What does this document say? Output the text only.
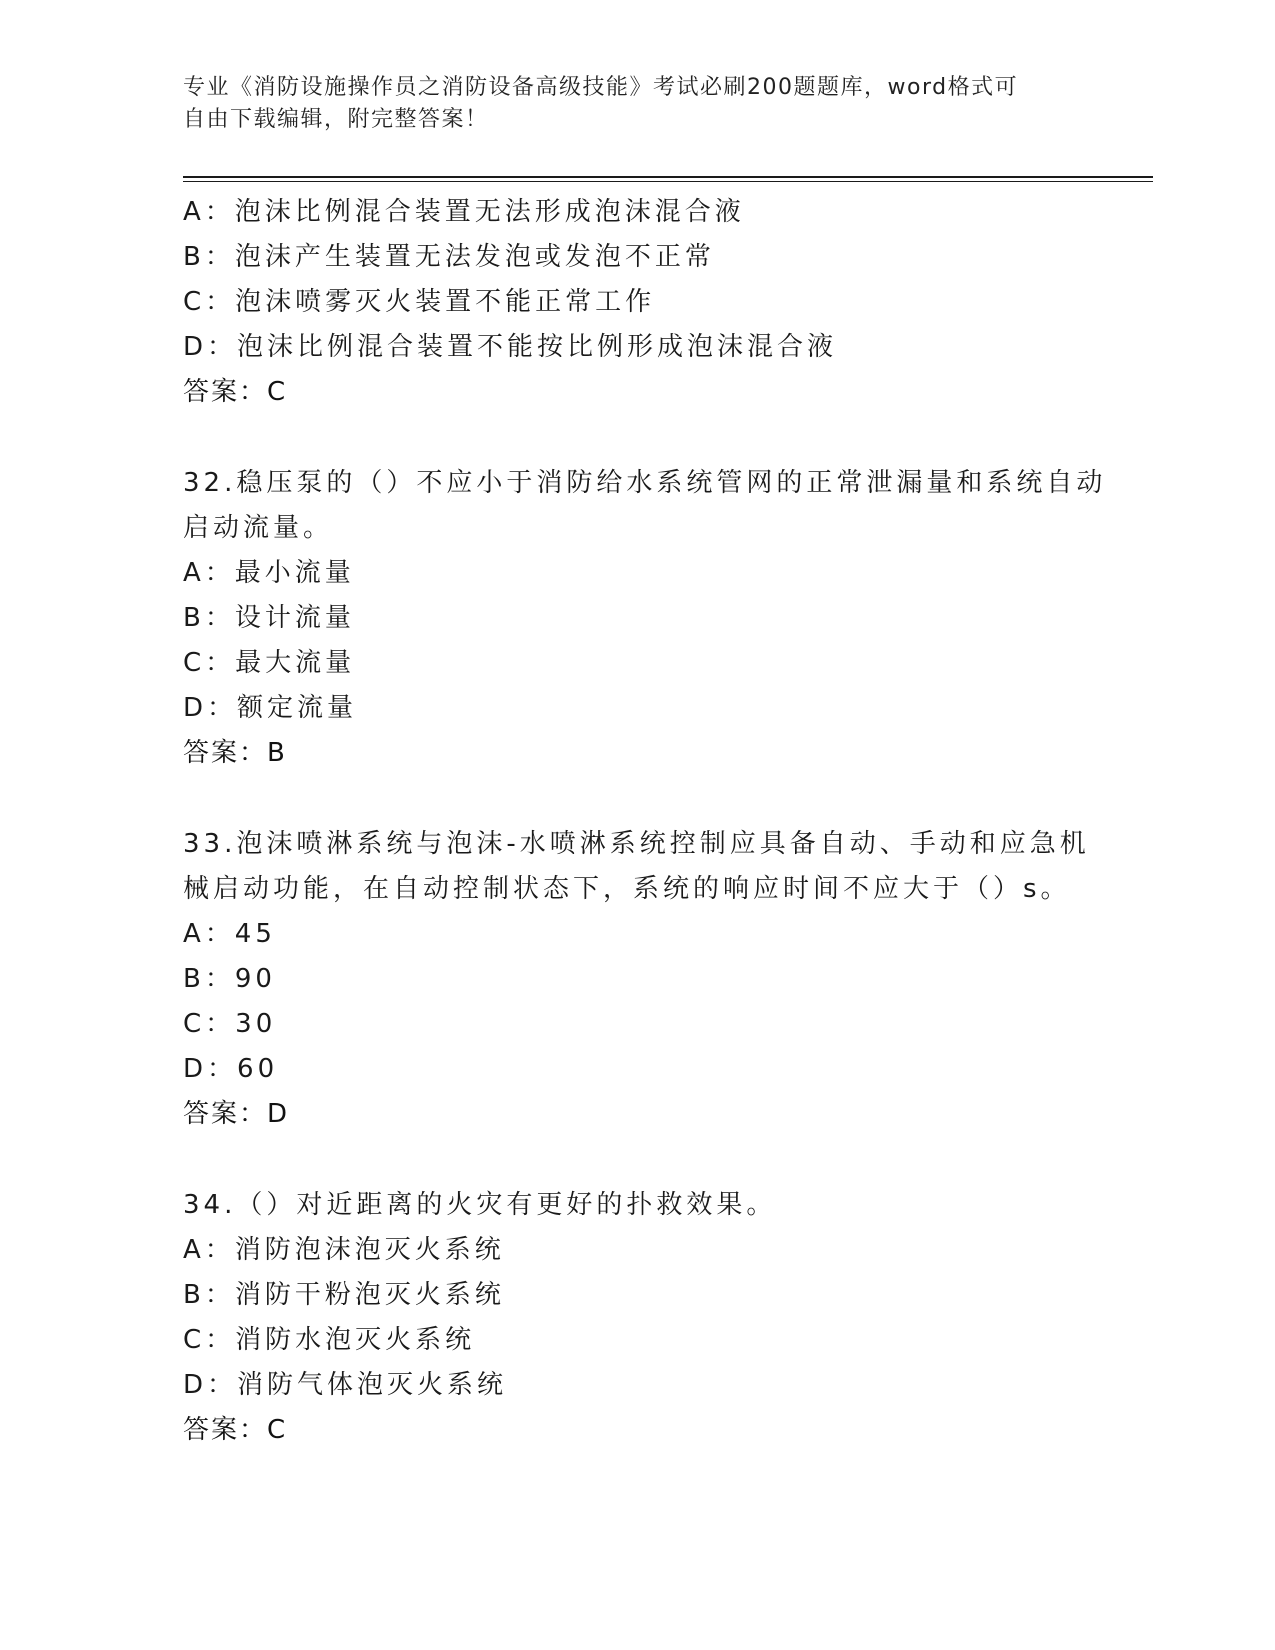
专业《消防设施操作员之消防设备高级技能》考试必刷200题题库，word格式可
自由下载编辑，附完整答案！
A：泡沫比例混合装置无法形成泡沫混合液
B：泡沫产生装置无法发泡或发泡不正常
C：泡沫喷雾灭火装置不能正常工作
D：泡沫比例混合装置不能按比例形成泡沫混合液
答案：C
32.稳压泵的（）不应小于消防给水系统管网的正常泄漏量和系统自动
启动流量。
A：最小流量
B：设计流量
C：最大流量
D：额定流量
答案：B
33.泡沫喷淋系统与泡沫-水喷淋系统控制应具备自动、手动和应急机
械启动功能，在自动控制状态下，系统的响应时间不应大于（）s。
A：45
B：90
C：30
D：60
答案：D
34.（）对近距离的火灾有更好的扑救效果。
A：消防泡沫泡灭火系统
B：消防干粉泡灭火系统
C：消防水泡灭火系统
D：消防气体泡灭火系统
答案：C
